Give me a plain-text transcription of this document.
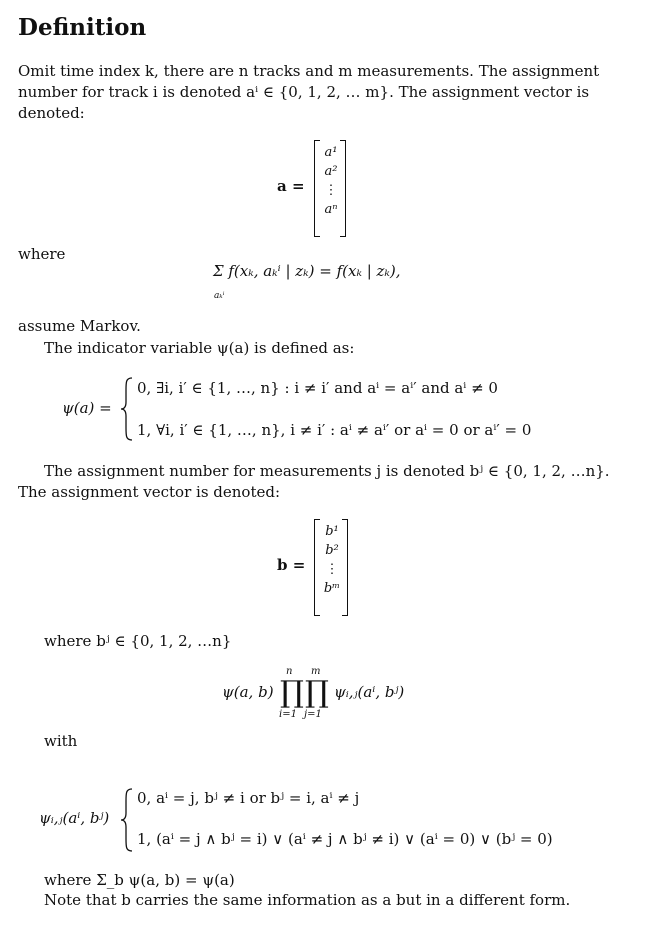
Definition
Omit time index k, there are n tracks and m measurements. The assignment
number for track i is denoted aⁱ ∈ {0, 1, 2, … m}. The assignment vector is
denoted:
a =
a¹
a²
⋮
aⁿ
where
Σ f(xₖ, aₖⁱ | zₖ) = f(xₖ | zₖ),
aₖⁱ
assume Markov.
The indicator variable ψ(a) is defined as:
ψ(a) =
0, ∃i, i′ ∈ {1, …, n} : i ≠ i′ and aⁱ = aⁱ′ and aⁱ ≠ 0
1, ∀i, i′ ∈ {1, …, n}, i ≠ i′ : aⁱ ≠ aⁱ′ or aⁱ = 0 or aⁱ′ = 0
The assignment number for measurements j is denoted bʲ ∈ {0, 1, 2, …n}.
The assignment vector is denoted:
b =
b¹
b²
⋮
bᵐ
where bʲ ∈ {0, 1, 2, …n}
ψ(a, b)
n m
∏ ∏
i=1 j=1
ψᵢ,ⱼ(aⁱ, bʲ)
with
ψᵢ,ⱼ(aⁱ, bʲ)
0, aⁱ = j, bʲ ≠ i or bʲ = i, aⁱ ≠ j
1, (aⁱ = j ∧ bʲ = i) ∨ (aⁱ ≠ j ∧ bʲ ≠ i) ∨ (aⁱ = 0) ∨ (bʲ = 0)
where Σ_b ψ(a, b) = ψ(a)
Note that b carries the same information as a but in a different form.
